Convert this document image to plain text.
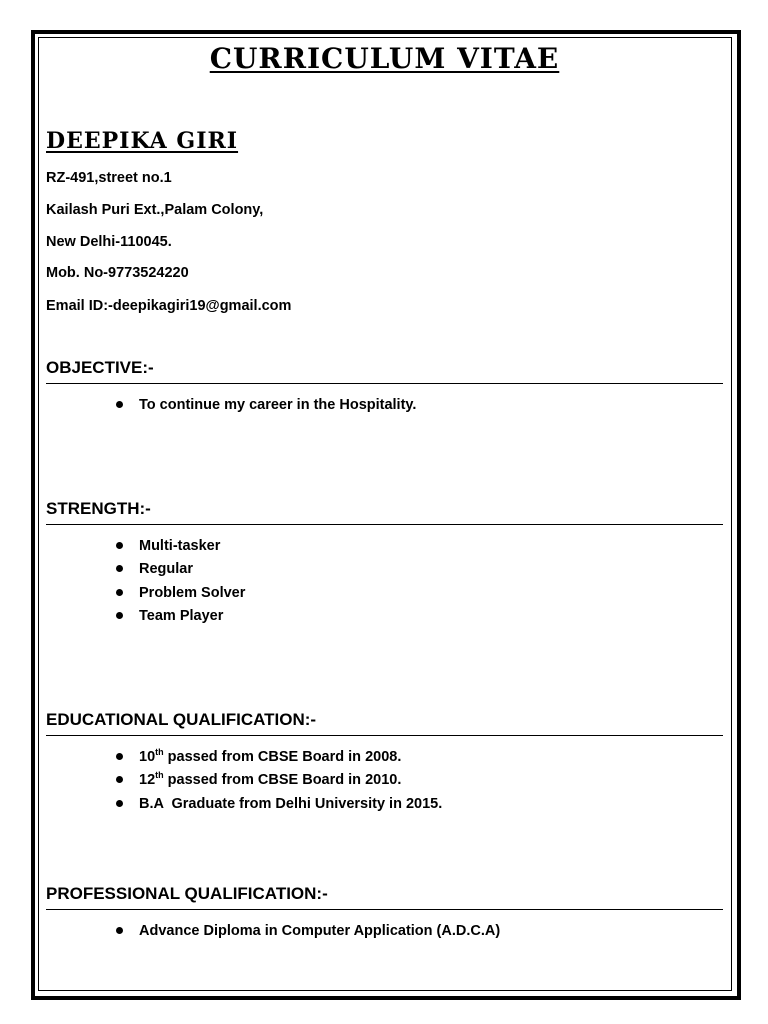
CURRICULUM VITAE
DEEPIKA GIRI

RZ-491,street no.1

Kailash Puri Ext.,Palam Colony,

New Delhi-110045.

Mob. No-9773524220

Email ID:-deepikagiri19@gmail.com

OBJECTIVE:-
To continue my career in the Hospitality.
STRENGTH:-
Multi-tasker
Regular
Problem Solver
Team Player
EDUCATIONAL QUALIFICATION:-
10th passed from CBSE Board in 2008.
12th passed from CBSE Board in 2010.
B.A  Graduate from Delhi University in 2015.
PROFESSIONAL QUALIFICATION:-
Advance Diploma in Computer Application (A.D.C.A)
